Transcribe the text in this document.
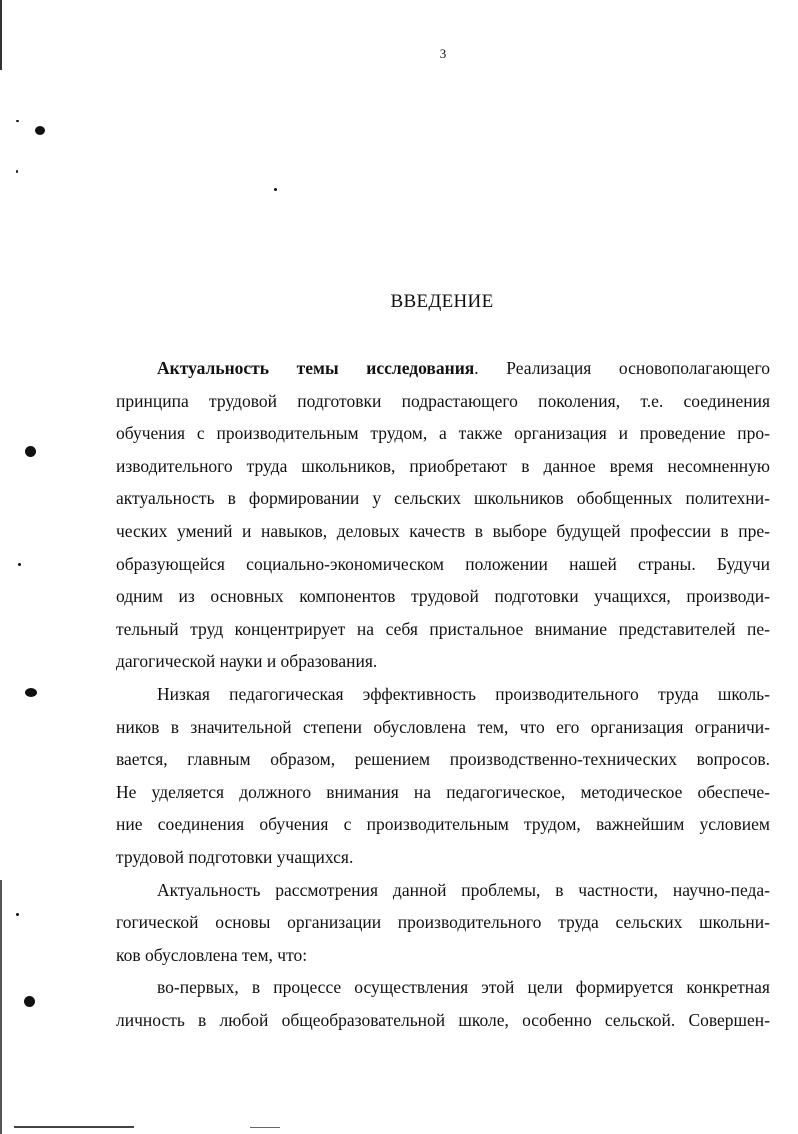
3
ВВЕДЕНИЕ
Актуальность темы исследования. Реализация основополагающего
принципа трудовой подготовки подрастающего поколения, т.е. соединения
обучения с производительным трудом, а также организация и проведение про-
изводительного труда школьников, приобретают в данное время несомненную
актуальность в формировании у сельских школьников обобщенных политехни-
ческих умений и навыков, деловых качеств в выборе будущей профессии в пре-
образующейся социально-экономическом положении нашей страны. Будучи
одним из основных компонентов трудовой подготовки учащихся, производи-
тельный труд концентрирует на себя пристальное внимание представителей пе-
дагогической науки и образования.
Низкая педагогическая эффективность производительного труда школь-
ников в значительной степени обусловлена тем, что его организация ограничи-
вается, главным образом, решением производственно-технических вопросов.
Не уделяется должного внимания на педагогическое, методическое обеспече-
ние соединения обучения с производительным трудом, важнейшим условием
трудовой подготовки учащихся.
Актуальность рассмотрения данной проблемы, в частности, научно-педа-
гогической основы организации производительного труда сельских школьни-
ков обусловлена тем, что:
во-первых, в процессе осуществления этой цели формируется конкретная
личность в любой общеобразовательной школе, особенно сельской. Совершен-
